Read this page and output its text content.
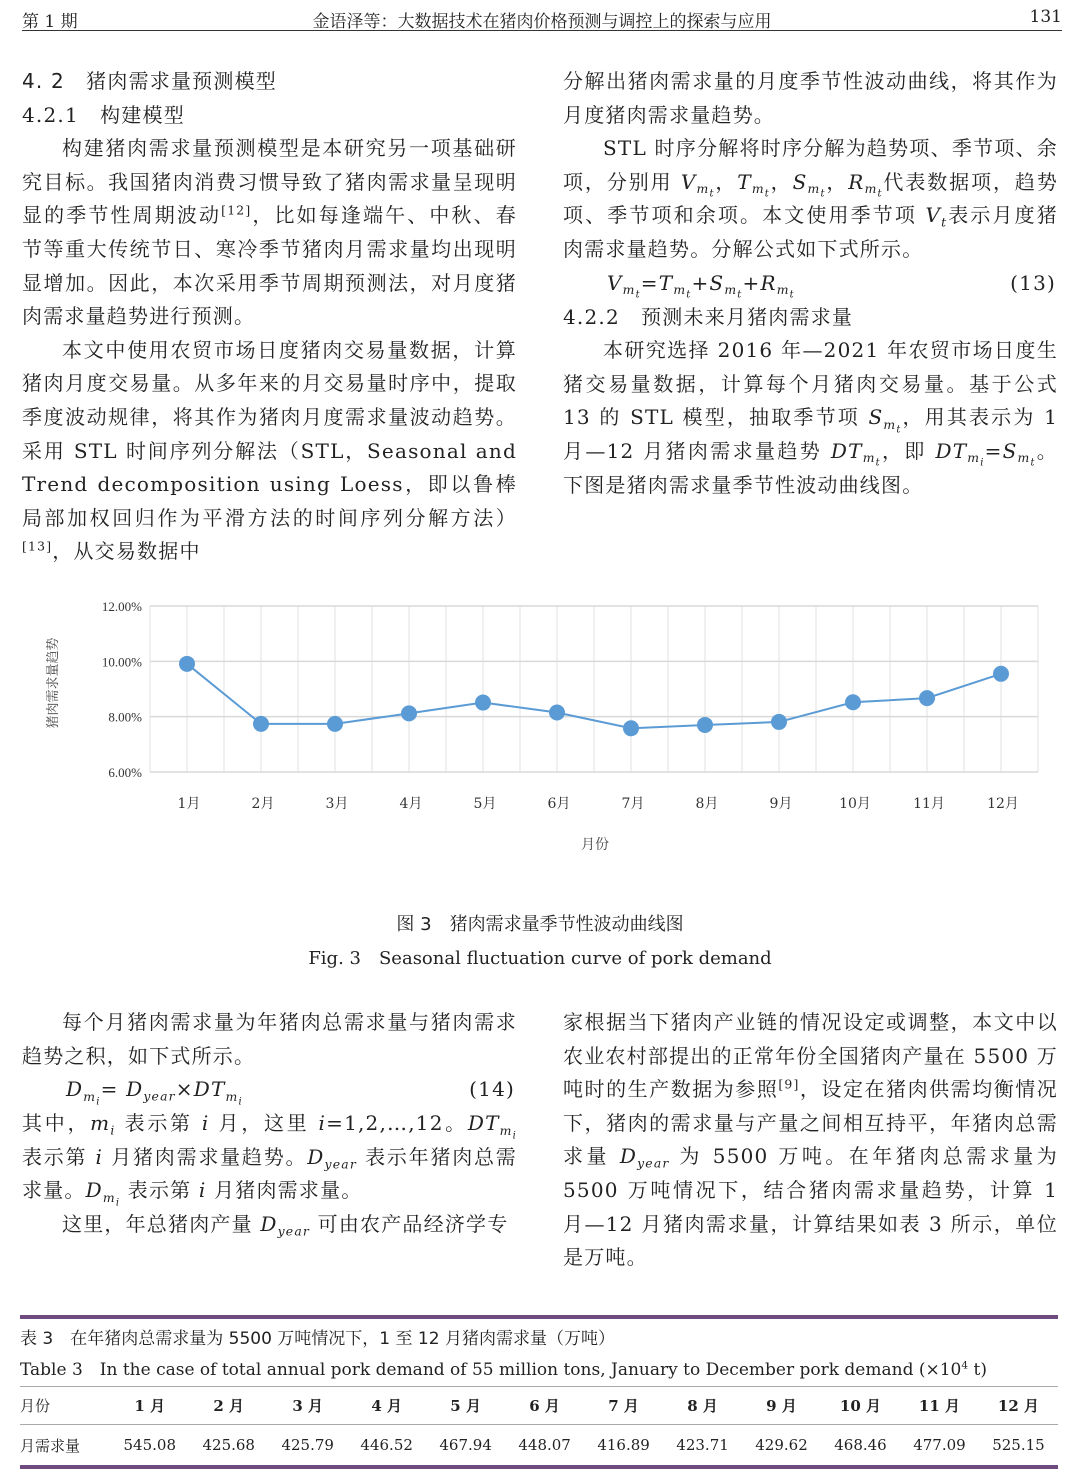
第 1 期	金语泽等：大数据技术在猪肉价格预测与调控上的探索与应用	131
4. 2　猪肉需求量预测模型
4.2.1　构建模型

构建猪肉需求量预测模型是本研究另一项基础研究目标。我国猪肉消费习惯导致了猪肉需求量呈现明显的季节性周期波动[12]，比如每逢端午、中秋、春节等重大传统节日、寒冷季节猪肉月需求量均出现明显增加。因此，本次采用季节周期预测法，对月度猪肉需求量趋势进行预测。

本文中使用农贸市场日度猪肉交易量数据，计算猪肉月度交易量。从多年来的月交易量时序中，提取季度波动规律，将其作为猪肉月度需求量波动趋势。采用 STL 时间序列分解法（STL，Seasonal and Trend decomposition using Loess，即以鲁棒局部加权回归作为平滑方法的时间序列分解方法）[13]，从交易数据中

分解出猪肉需求量的月度季节性波动曲线，将其作为月度猪肉需求量趋势。

STL 时序分解将时序分解为趋势项、季节项、余项，分别用 $V_{m_t}$，$T_{m_t}$，$S_{m_t}$，$R_{m_t}$代表数据项，趋势项、季节项和余项。本文使用季节项 $V_t$表示月度猪肉需求量趋势。分解公式如下式所示。

$V_{m_t}=T_{m_t}+S_{m_t}+R_{m_t}$
(13)
4.2.2　预测未来月猪肉需求量

本研究选择 2016 年—2021 年农贸市场日度生猪交易量数据，计算每个月猪肉交易量。基于公式 13 的 STL 模型，抽取季节项 $S_{m_t}$，用其表示为 1 月—12 月猪肉需求量趋势 $DT_{m_t}$，即 $DT_{m_i}=S_{m_t}$。下图是猪肉需求量季节性波动曲线图。

6.00%
8.00%
10.00%
12.00%
1月	2月	3月	4月	5月	6月	7月	8月	9月	10月	11月	12月
月份
猪肉需求量趋势
图 3　猪肉需求量季节性波动曲线图
Fig. 3　Seasonal fluctuation curve of pork demand

每个月猪肉需求量为年猪肉总需求量与猪肉需求趋势之积，如下式所示。

$D_{m_i}= D_{year}\times DT_{m_i}$
(14)

其中，$m_i$ 表示第 i 月，这里 i=1,2,…,12。$DT_{m_i}$ 表示第 i 月猪肉需求量趋势。$D_{year}$ 表示年猪肉总需求量。$D_{m_i}$ 表示第 i 月猪肉需求量。

这里，年总猪肉产量 $D_{year}$ 可由农产品经济学专

家根据当下猪肉产业链的情况设定或调整，本文中以农业农村部提出的正常年份全国猪肉产量在 5500 万吨时的生产数据为参照[9]，设定在猪肉供需均衡情况下，猪肉的需求量与产量之间相互持平，年猪肉总需求量 $D_{year}$ 为 5500 万吨。在年猪肉总需求量为 5500 万吨情况下，结合猪肉需求量趋势，计算 1 月—12 月猪肉需求量，计算结果如表 3 所示，单位是万吨。

表 3　在年猪肉总需求量为 5500 万吨情况下，1 至 12 月猪肉需求量（万吨）
Table 3　In the case of total annual pork demand of 55 million tons, January to December pork demand ($\times 10^4$ t)
月份	1 月	2 月	3 月	4 月	5 月	6 月	7 月	8 月	9 月	10 月	11 月	12 月
月需求量	545.08	425.68	425.79	446.52	467.94	448.07	416.89	423.71	429.62	468.46	477.09	525.15
